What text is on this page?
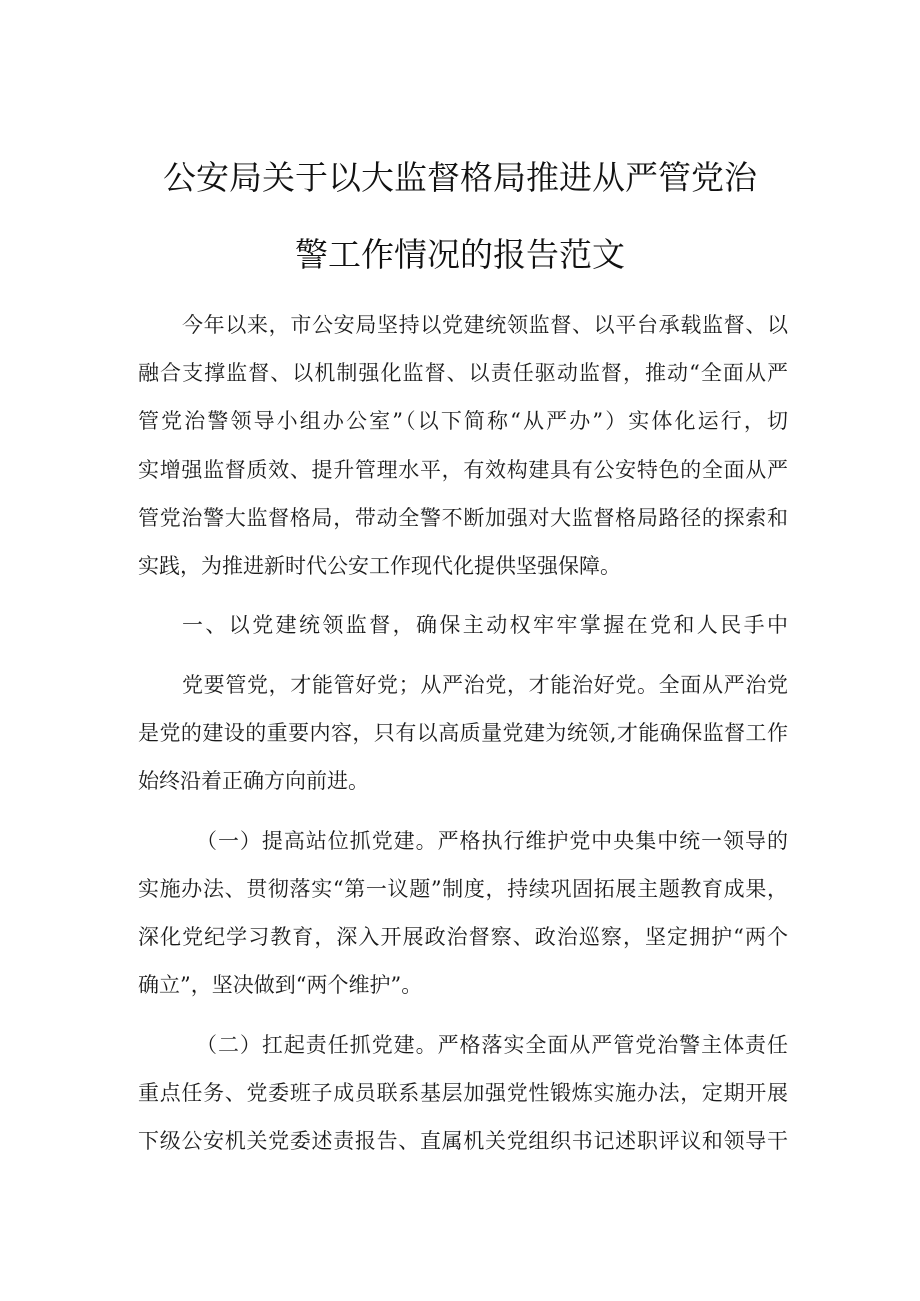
公安局关于以大监督格局推进从严管党治
警工作情况的报告范文
今年以来，市公安局坚持以党建统领监督、以平台承载监督、以
融合支撑监督、以机制强化监督、以责任驱动监督，推动“全面从严
管党治警领导小组办公室”（以下简称“从严办”）实体化运行，切
实增强监督质效、提升管理水平，有效构建具有公安特色的全面从严
管党治警大监督格局，带动全警不断加强对大监督格局路径的探索和
实践，为推进新时代公安工作现代化提供坚强保障。
一、以党建统领监督，确保主动权牢牢掌握在党和人民手中
党要管党，才能管好党；从严治党，才能治好党。全面从严治党
是党的建设的重要内容，只有以高质量党建为统领,才能确保监督工作
始终沿着正确方向前进。
（一）提高站位抓党建。严格执行维护党中央集中统一领导的
实施办法、贯彻落实“第一议题”制度，持续巩固拓展主题教育成果，
深化党纪学习教育，深入开展政治督察、政治巡察，坚定拥护“两个
确立”，坚决做到“两个维护”。
（二）扛起责任抓党建。严格落实全面从严管党治警主体责任
重点任务、党委班子成员联系基层加强党性锻炼实施办法，定期开展
下级公安机关党委述责报告、直属机关党组织书记述职评议和领导干
